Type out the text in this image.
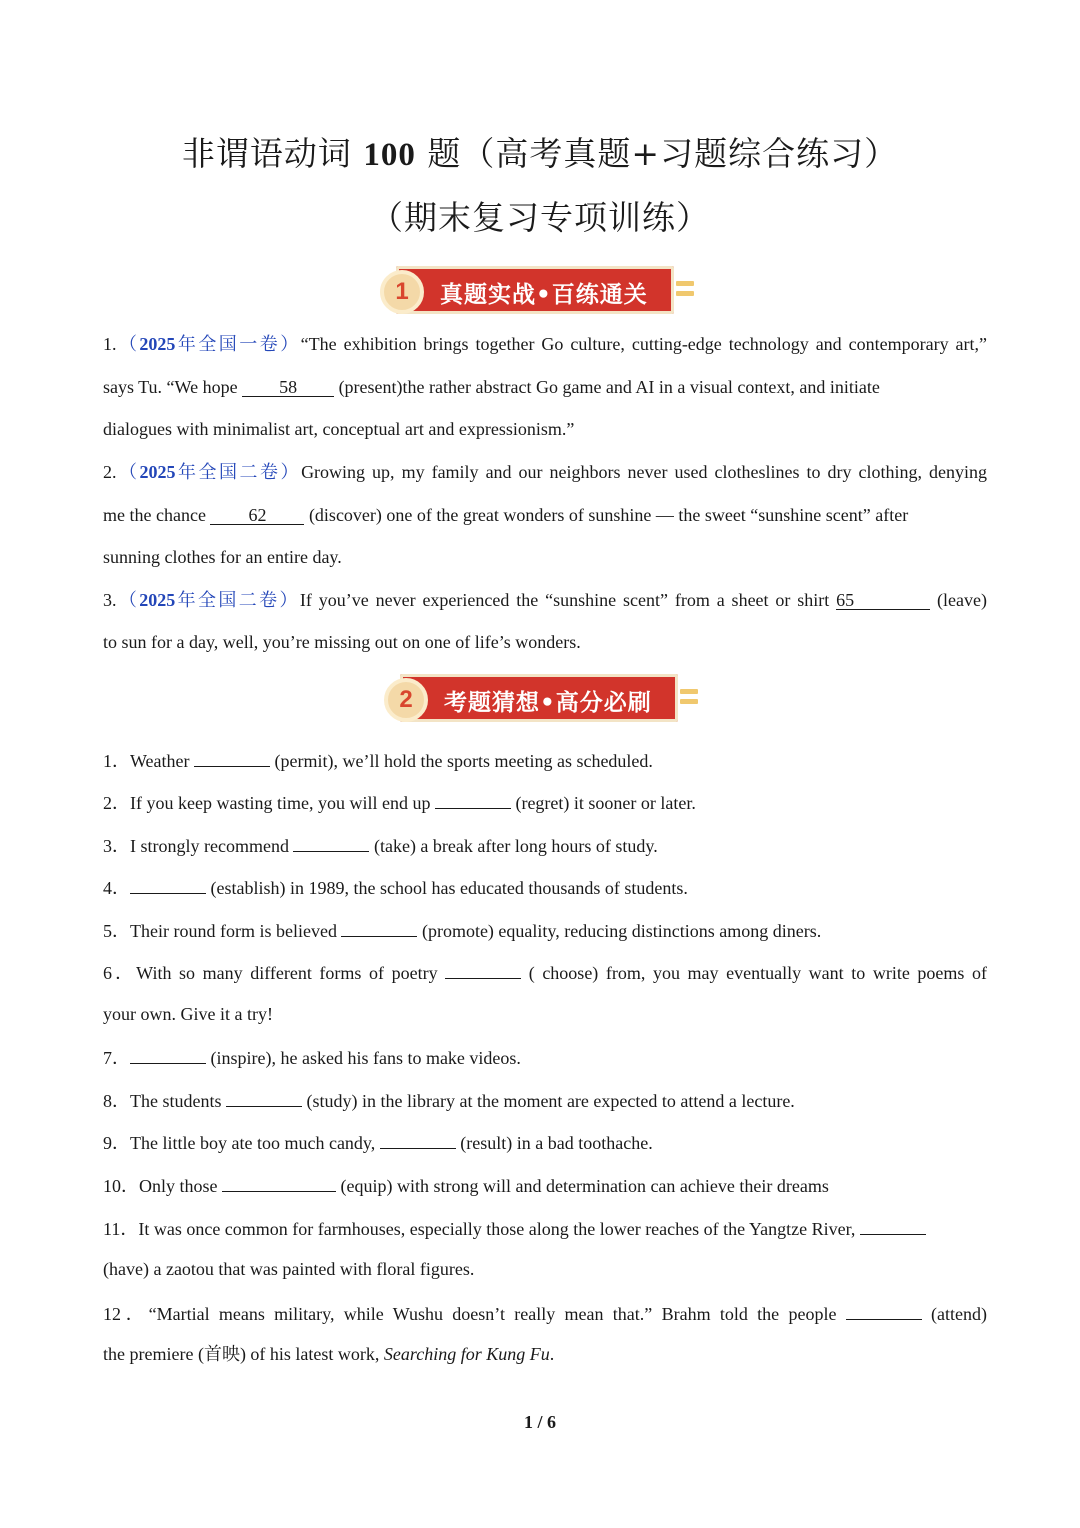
非谓语动词 100 题（高考真题+习题综合练习）
（期末复习专项训练）
1	真题实战•百练通关
1.（2025年全国一卷）“The exhibition brings together Go culture, cutting-edge technology and contemporary art,”
says Tu. “We hope 58 (present)the rather abstract Go game and AI in a visual context, and initiate
dialogues with minimalist art, conceptual art and expressionism.”
2.（2025年全国二卷）Growing up, my family and our neighbors never used clotheslines to dry clothing, denying
me the chance 62 (discover) one of the great wonders of sunshine — the sweet “sunshine scent” after
sunning clothes for an entire day.
3.（2025年全国二卷）If you’ve never experienced the “sunshine scent” from a sheet or shirt 65	(leave)
to sun for a day, well, you’re missing out on one of life’s wonders.
2	考题猜想•高分必刷
1．Weather	(permit), we’ll hold the sports meeting as scheduled.
2．If you keep wasting time, you will end up	(regret) it sooner or later.
3．I strongly recommend	(take) a break after long hours of study.
4．	(establish) in 1989, the school has educated thousands of students.
5．Their round form is believed	(promote) equality, reducing distinctions among diners.
6．With so many different forms of poetry	( choose) from, you may eventually want to write poems of
your own. Give it a try!
7．	(inspire), he asked his fans to make videos.
8．The students	(study) in the library at the moment are expected to attend a lecture.
9．The little boy ate too much candy,	(result) in a bad toothache.
10．Only those	(equip) with strong will and determination can achieve their dreams
11．It was once common for farmhouses, especially those along the lower reaches of the Yangtze River,
(have) a zaotou that was painted with floral figures.
12．“Martial means military, while Wushu doesn’t really mean that.” Brahm told the people	(attend)
the premiere (首映) of his latest work, Searching for Kung Fu.
1 / 6
